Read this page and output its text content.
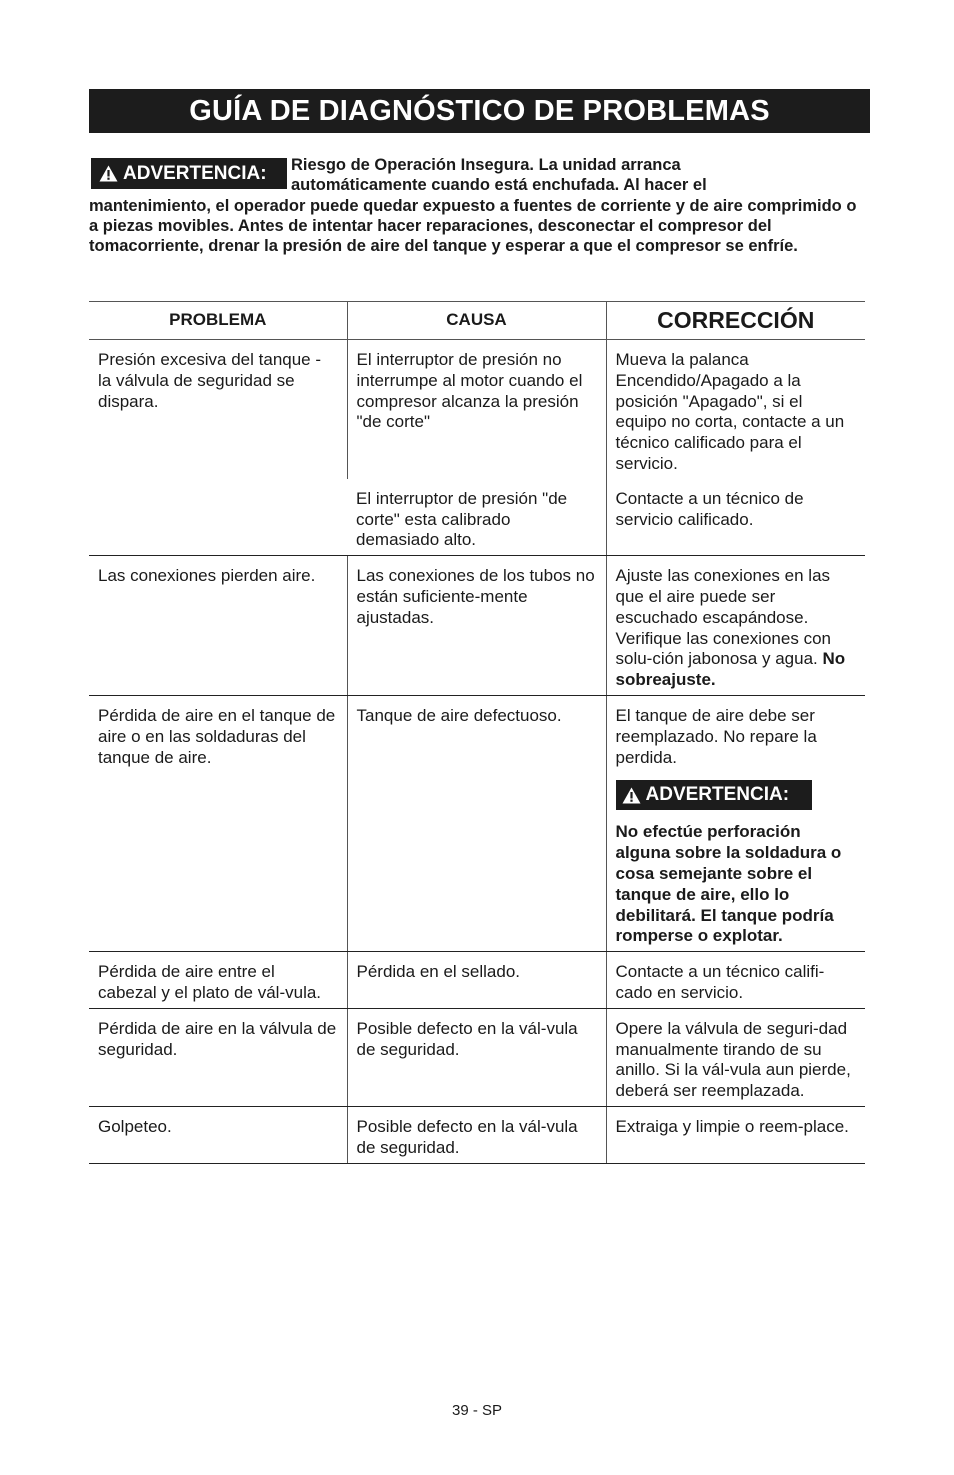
GUÍA DE DIAGNÓSTICO DE PROBLEMAS
ADVERTENCIA: Riesgo de Operación Insegura. La unidad arranca
automáticamente cuando está enchufada. Al hacer el
mantenimiento, el operador puede quedar expuesto a fuentes de corriente y de aire comprimido o a piezas movibles. Antes de intentar hacer reparaciones, desconectar el compresor del tomacorriente, drenar la presión de aire del tanque y esperar a que el compresor se enfríe.
PROBLEMA	CAUSA	CORRECCIÓN
Presión excesiva del tanque - la válvula de seguridad se dispara.	El interruptor de presión no interrumpe al motor cuando el compresor alcanza la presión "de corte"	Mueva la palanca Encendido/Apagado a la posición "Apagado", si el equipo no corta, contacte a un técnico calificado para el servicio.
	El interruptor de presión "de corte" esta calibrado demasiado alto.	Contacte a un técnico de servicio calificado.
Las conexiones pierden aire.	Las conexiones de los tubos no están suficiente-mente ajustadas.	Ajuste las conexiones en las que el aire puede ser escuchado escapándose. Verifique las conexiones con solu-ción jabonosa y agua. No sobreajuste.
Pérdida de aire en el tanque de aire o en las soldaduras del tanque de aire.	Tanque de aire defectuoso.	El tanque de aire debe ser reemplazado. No repare la perdida.
ADVERTENCIA:
No efectúe perforación alguna sobre la soldadura o cosa semejante sobre el tanque de aire, ello lo debilitará. El tanque podría romperse o explotar.

Pérdida de aire entre el cabezal y el plato de vál-vula.	Pérdida en el sellado.	Contacte a un técnico califi-cado en servicio.
Pérdida de aire en la válvula de seguridad.	Posible defecto en la vál-vula de seguridad.	Opere la válvula de seguri-dad manualmente tirando de su anillo. Si la vál-vula aun pierde, deberá ser reemplazada.
Golpeteo.	Posible defecto en la vál-vula de seguridad.	Extraiga y limpie o reem-place.
39 - SP
